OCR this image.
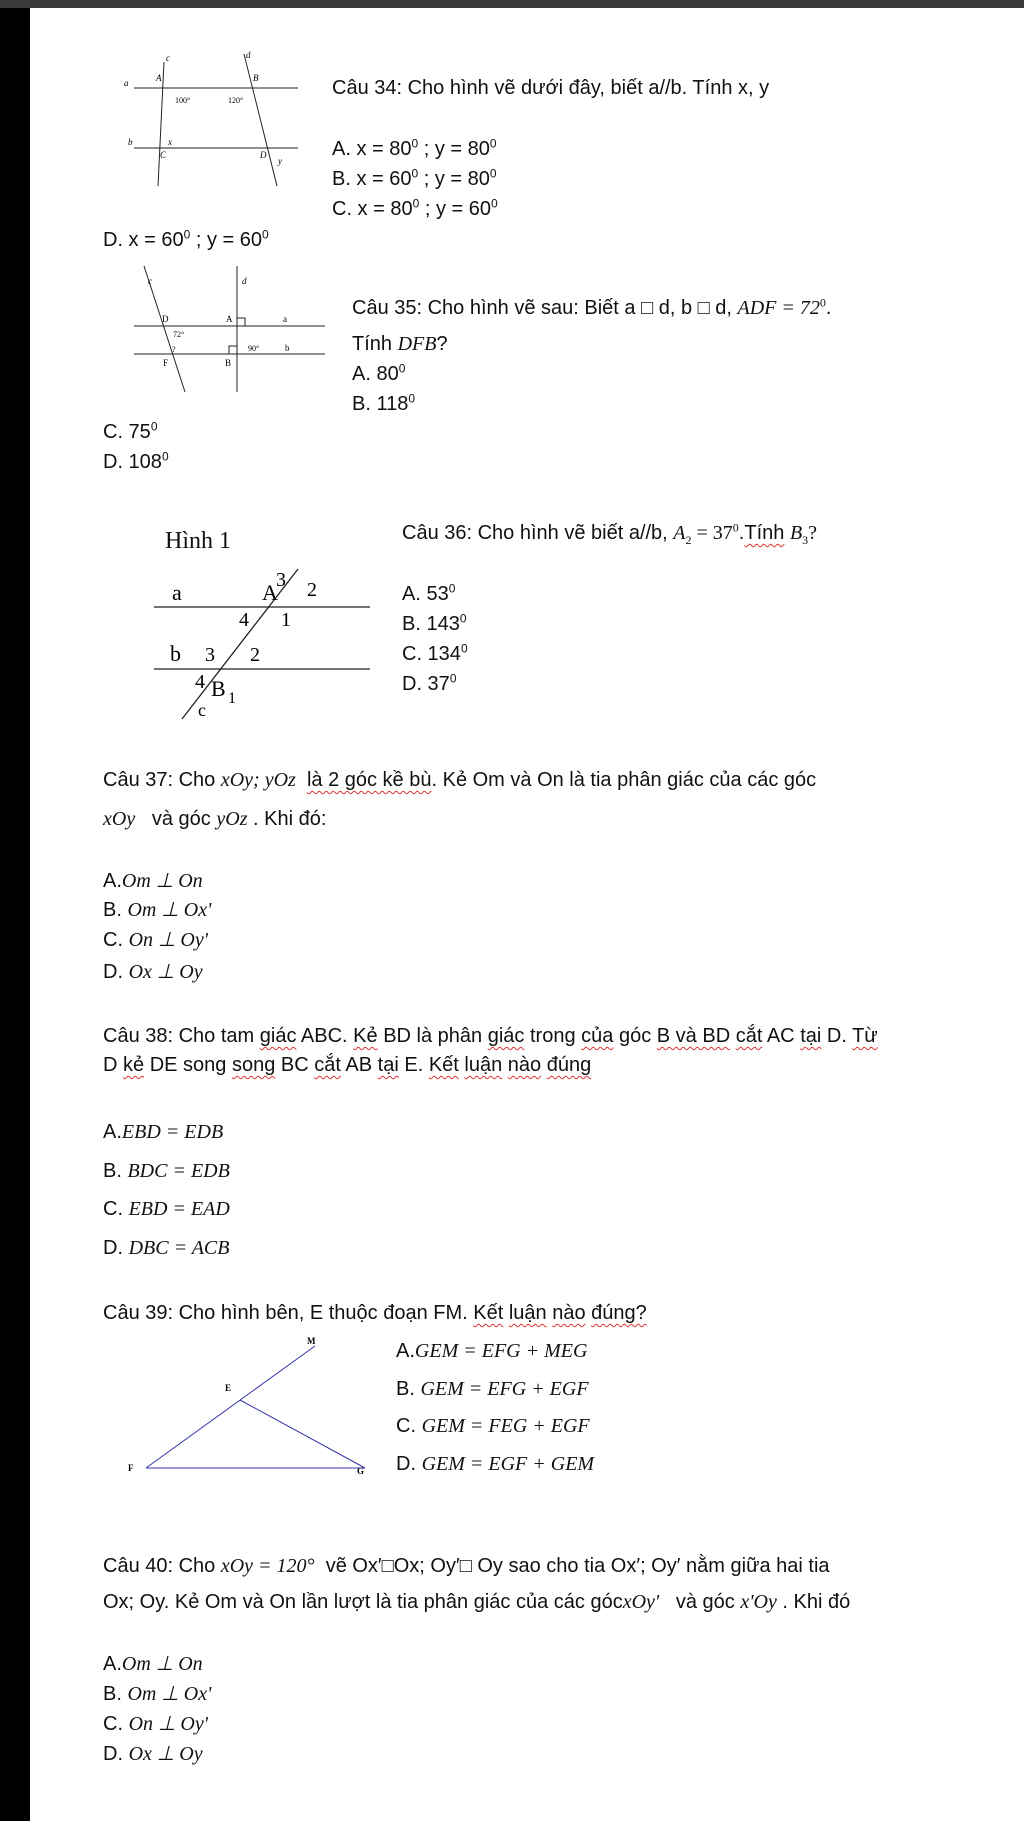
c	d
a	A	B
100°	120°
b	x
C	D
y
Câu 34: Cho hình vẽ dưới đây, biết a//b. Tính x, y
A. $x = 80^0$ ; $y = 80^0$
B. $x = 60^0$ ; $y = 80^0$
C. $x = 80^0$ ; $y = 60^0$
D. $x = 60^0$ ; $y = 60^0$
c	d
D	A	a
72°
?	90°	b
F	B
Câu 35: Cho hình vẽ sau: Biết a □ d, b □ d, ADF = $72^0$.
Tính DFB?
A. $80^0$
B. $118^0$
C. $75^0$
D. $108^0$
Hình 1
a	A
3 2
4 1
b 3 2
4 B 1
c
Câu 36: Cho hình vẽ biết a//b, $A_2$ = $37^0.Tính$ $B_3$?
A. $53^0$
B. $143^0$
C. $134^0$
D. $37^0$
Câu 37: Cho xOy; yOz là 2 góc kề bù. Kẻ Om và On là tia phân giác của các góc
xOy và góc yOz . Khi đó:
A.Om ⊥ On
B. Om ⊥ Ox'
C. On ⊥ Oy'
D. Ox ⊥ Oy
Câu 38: Cho tam giác ABC. Kẻ BD là phân giác trong của góc B và BD cắt AC tại D. Từ
D kẻ DE song song BC cắt AB tại E. Kết luận nào đúng
A.EBD = EDB
B. BDC = EDB
C. EBD = EAD
D. DBC = ACB
Câu 39: Cho hình bên, E thuộc đoạn FM. Kết luận nào đúng?
M
E
F	G
A.GEM = EFG + MEG
B. GEM = EFG + EGF
C. GEM = FEG + EGF
D. GEM = EGF + GEM
Câu 40: Cho xOy = 120° vẽ Ox′□Ox; Oy′□ Oy sao cho tia Ox′; Oy′ nằm giữa hai tia
Ox; Oy. Kẻ Om và On lần lượt là tia phân giác của các gócxOy' và góc x'Oy . Khi đó
A.Om ⊥ On
B. Om ⊥ Ox'
C. On ⊥ Oy'
D. Ox ⊥ Oy
